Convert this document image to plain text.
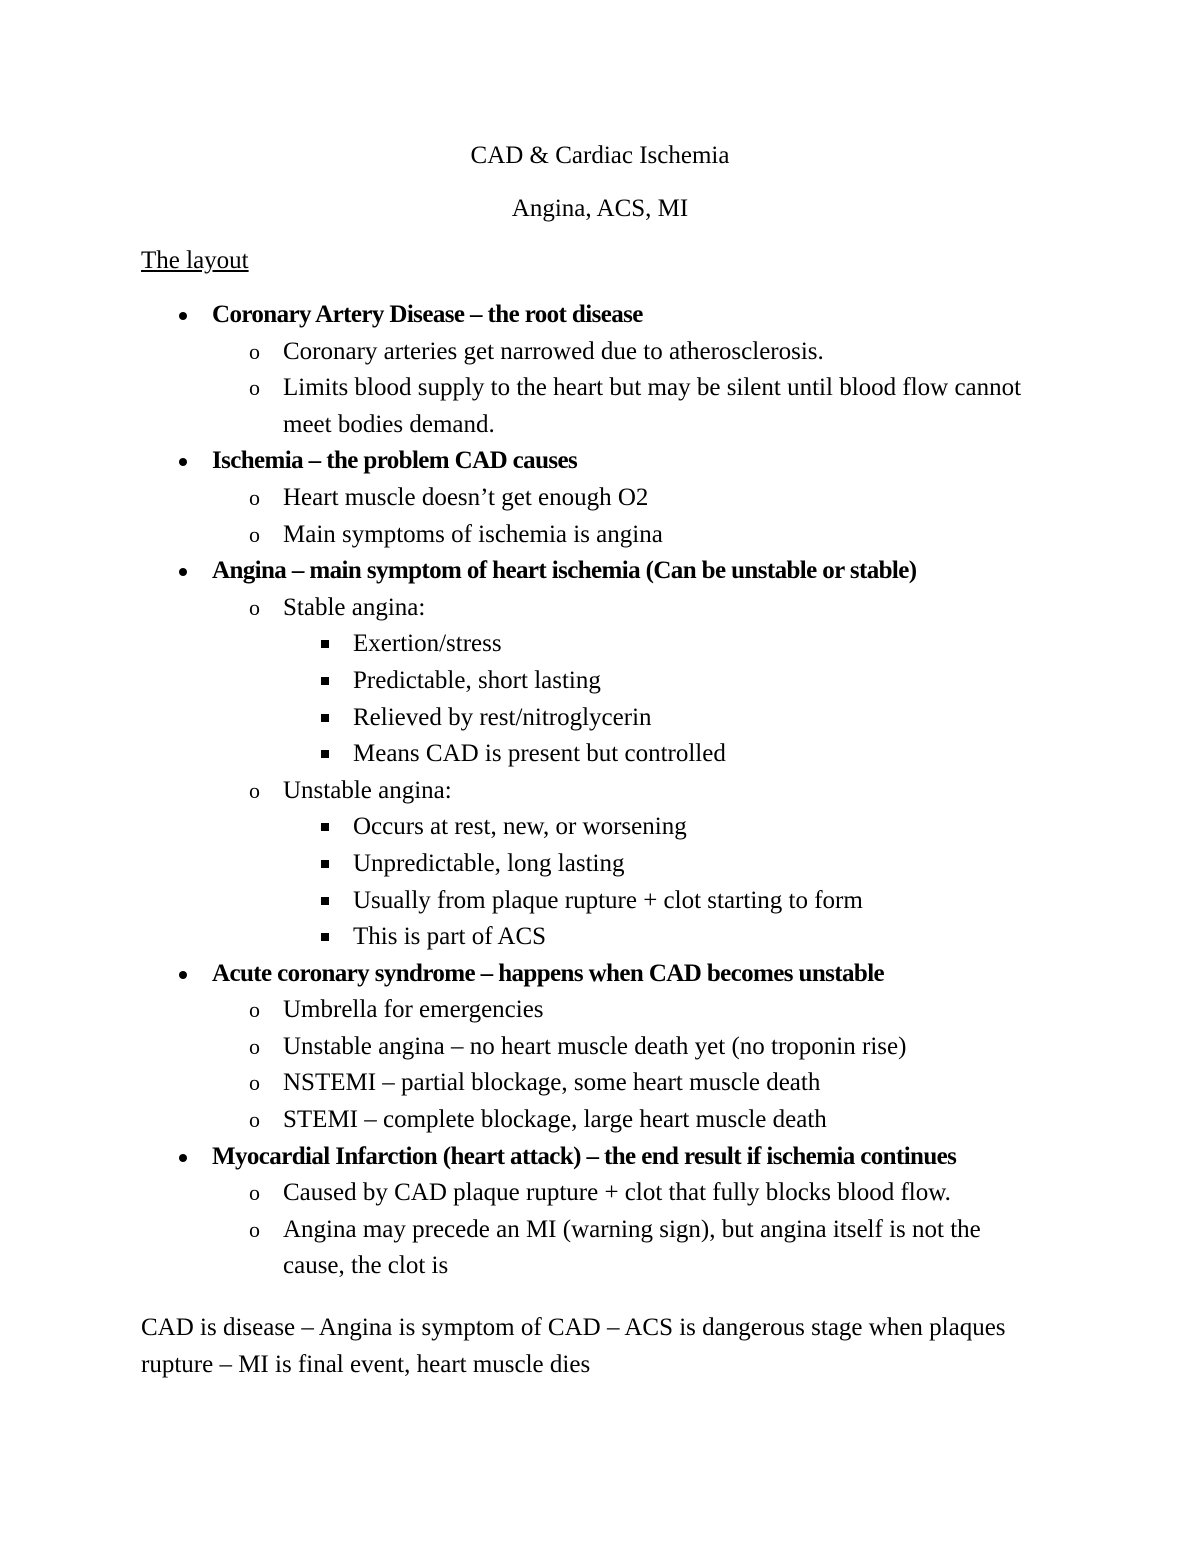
CAD & Cardiac Ischemia
Angina, ACS, MI
The layout
Coronary Artery Disease – the root disease
o Coronary arteries get narrowed due to atherosclerosis.
o Limits blood supply to the heart but may be silent until blood flow cannot meet bodies demand.
Ischemia – the problem CAD causes
o Heart muscle doesn’t get enough O2
o Main symptoms of ischemia is angina
Angina – main symptom of heart ischemia (Can be unstable or stable)
o Stable angina:
Exertion/stress
Predictable, short lasting
Relieved by rest/nitroglycerin
Means CAD is present but controlled
o Unstable angina:
Occurs at rest, new, or worsening
Unpredictable, long lasting
Usually from plaque rupture + clot starting to form
This is part of ACS
Acute coronary syndrome – happens when CAD becomes unstable
o Umbrella for emergencies
o Unstable angina – no heart muscle death yet (no troponin rise)
o NSTEMI – partial blockage, some heart muscle death
o STEMI – complete blockage, large heart muscle death
Myocardial Infarction (heart attack) – the end result if ischemia continues
o Caused by CAD plaque rupture + clot that fully blocks blood flow.
o Angina may precede an MI (warning sign), but angina itself is not the cause, the clot is
CAD is disease – Angina is symptom of CAD – ACS is dangerous stage when plaques rupture – MI is final event, heart muscle dies
